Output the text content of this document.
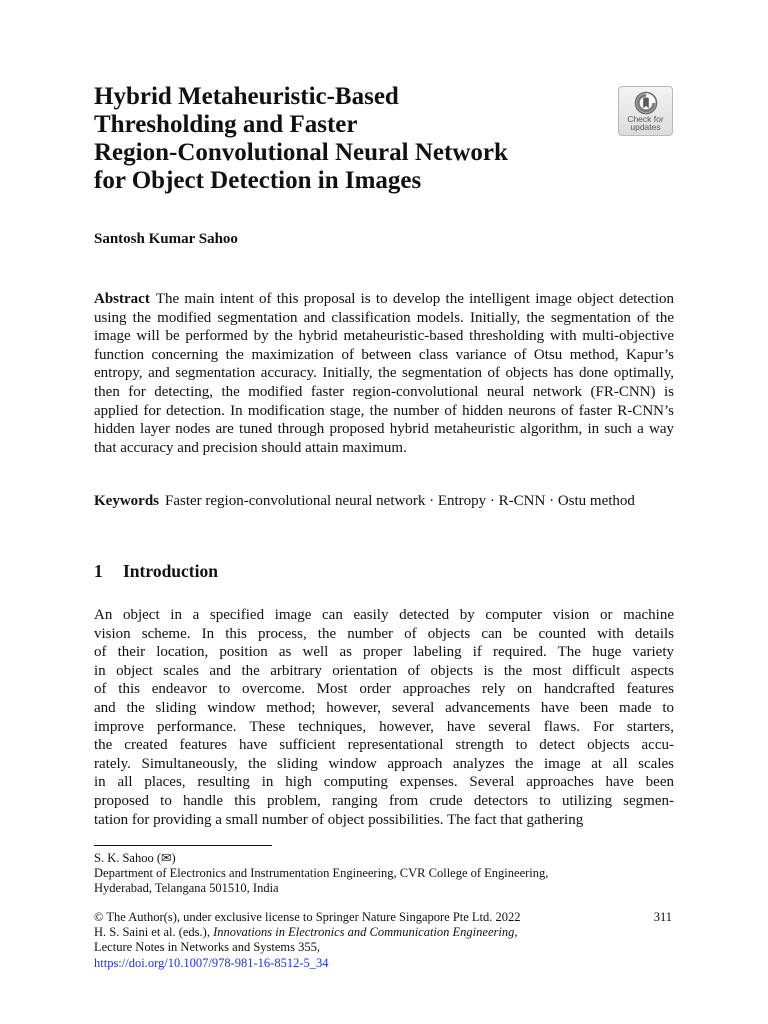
Hybrid Metaheuristic-Based
Thresholding and Faster
Region-Convolutional Neural Network
for Object Detection in Images
Check for
updates

Santosh Kumar Sahoo

Abstract The main intent of this proposal is to develop the intelligent image object detection using the modified segmentation and classification models. Initially, the segmentation of the image will be performed by the hybrid metaheuristic-based thresholding with multi-objective function concerning the maximization of between class variance of Otsu method, Kapur’s entropy, and segmentation accuracy. Initially, the segmentation of objects has done optimally, then for detecting, the modified faster region-convolutional neural network (FR-CNN) is applied for detection. In modification stage, the number of hidden neurons of faster R-CNN’s hidden layer nodes are tuned through proposed hybrid metaheuristic algorithm, in such a way that accuracy and precision should attain maximum.

Keywords Faster region-convolutional neural network · Entropy · R-CNN · Ostu method

1 Introduction

An object in a specified image can easily detected by computer vision or machine
vision scheme. In this process, the number of objects can be counted with details
of their location, position as well as proper labeling if required. The huge variety
in object scales and the arbitrary orientation of objects is the most difficult aspects
of this endeavor to overcome. Most order approaches rely on handcrafted features
and the sliding window method; however, several advancements have been made to
improve performance. These techniques, however, have several flaws. For starters,
the created features have sufficient representational strength to detect objects accu-
rately. Simultaneously, the sliding window approach analyzes the image at all scales
in all places, resulting in high computing expenses. Several approaches have been
proposed to handle this problem, ranging from crude detectors to utilizing segmen-
tation for providing a small number of object possibilities. The fact that gathering

S. K. Sahoo (✉)
Department of Electronics and Instrumentation Engineering, CVR College of Engineering,
Hyderabad, Telangana 501510, India

© The Author(s), under exclusive license to Springer Nature Singapore Pte Ltd. 2022
H. S. Saini et al. (eds.), Innovations in Electronics and Communication Engineering,
Lecture Notes in Networks and Systems 355,
https://doi.org/10.1007/978-981-16-8512-5_34

311
